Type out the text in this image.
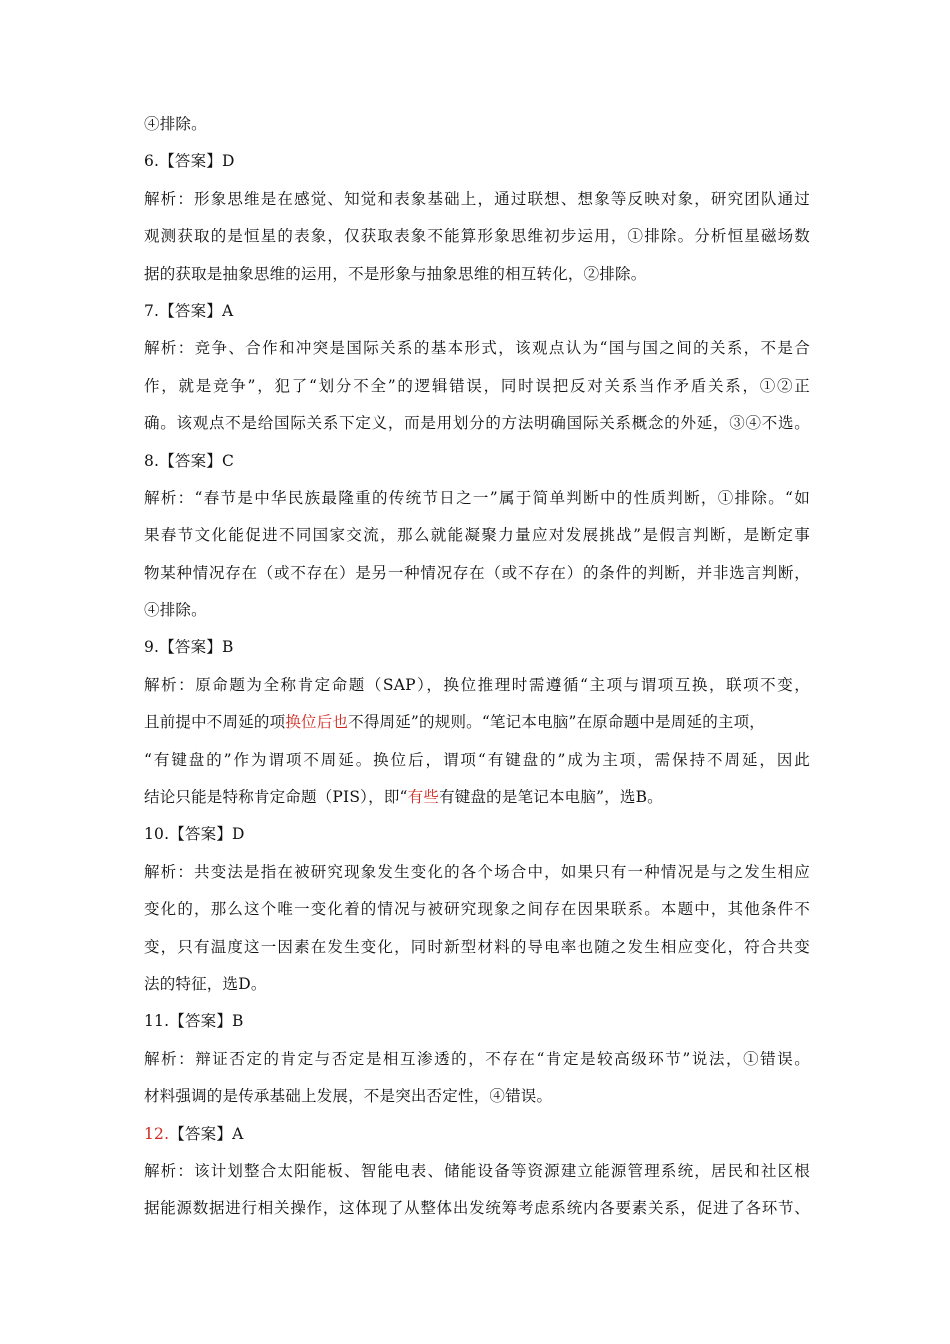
④排除。
6.【答案】D
解析：形象思维是在感觉、知觉和表象基础上，通过联想、想象等反映对象，研究团队通过
观测获取的是恒星的表象，仅获取表象不能算形象思维初步运用，①排除。分析恒星磁场数
据的获取是抽象思维的运用，不是形象与抽象思维的相互转化，②排除。
7.【答案】A
解析：竞争、合作和冲突是国际关系的基本形式，该观点认为“国与国之间的关系，不是合
作，就是竞争”，犯了“划分不全”的逻辑错误，同时误把反对关系当作矛盾关系，①②正
确。该观点不是给国际关系下定义，而是用划分的方法明确国际关系概念的外延，③④不选。
8.【答案】C
解析：“春节是中华民族最隆重的传统节日之一”属于简单判断中的性质判断，①排除。“如
果春节文化能促进不同国家交流，那么就能凝聚力量应对发展挑战”是假言判断，是断定事
物某种情况存在（或不存在）是另一种情况存在（或不存在）的条件的判断，并非选言判断，
④排除。
9.【答案】B
解析：原命题为全称肯定命题（SAP），换位推理时需遵循“主项与谓项互换，联项不变，
且前提中不周延的项换位后也不得周延”的规则。“笔记本电脑”在原命题中是周延的主项，
“有键盘的”作为谓项不周延。换位后，谓项“有键盘的”成为主项，需保持不周延，因此
结论只能是特称肯定命题（PIS），即“有些有键盘的是笔记本电脑”，选B。
10.【答案】D
解析：共变法是指在被研究现象发生变化的各个场合中，如果只有一种情况是与之发生相应
变化的，那么这个唯一变化着的情况与被研究现象之间存在因果联系。本题中，其他条件不
变，只有温度这一因素在发生变化，同时新型材料的导电率也随之发生相应变化，符合共变
法的特征，选D。
11.【答案】B
解析：辩证否定的肯定与否定是相互渗透的，不存在“肯定是较高级环节”说法，①错误。
材料强调的是传承基础上发展，不是突出否定性，④错误。
12.【答案】A
解析：该计划整合太阳能板、智能电表、储能设备等资源建立能源管理系统，居民和社区根
据能源数据进行相关操作，这体现了从整体出发统筹考虑系统内各要素关系，促进了各环节、
